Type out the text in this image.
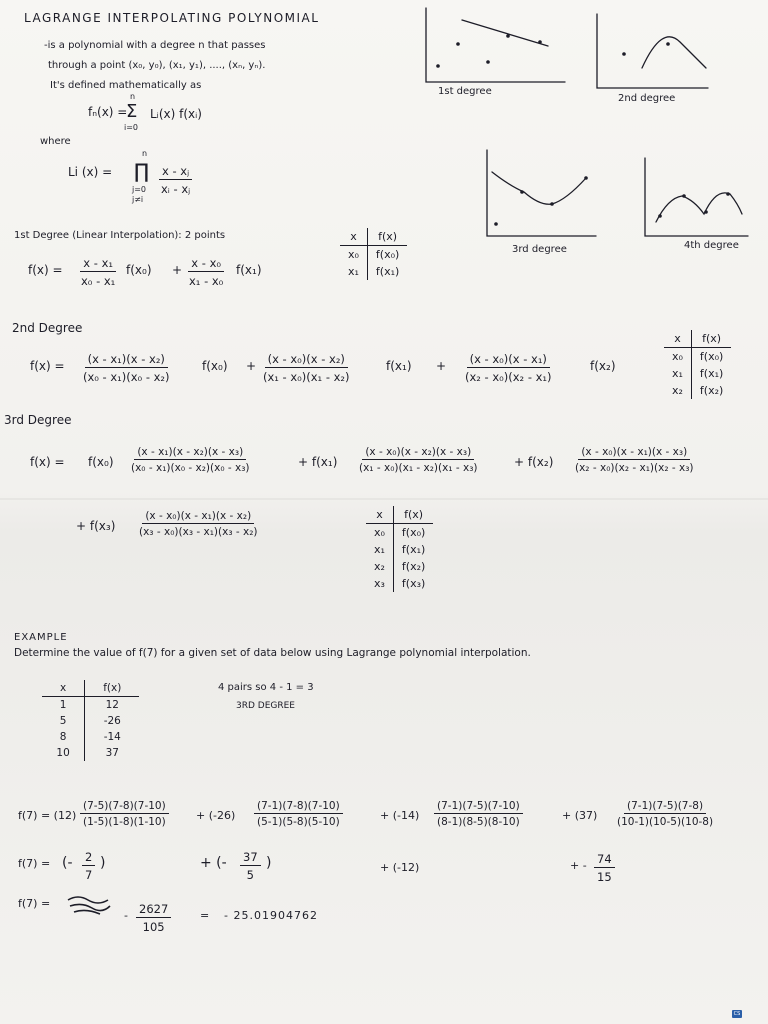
LAGRANGE INTERPOLATING POLYNOMIAL
-is a polynomial with a degree n that passes
through a point (x₀, y₀), (x₁, y₁), ...., (xₙ, yₙ).
It's defined mathematically as
fₙ(x) =
n
Σ
i=0
Lᵢ(x) f(xᵢ)
where
Li (x) =
n
∏
j=0
j≠i
$\frac{\text{x - xⱼ}}{\text{xᵢ - xⱼ}}$
1st degree
2nd degree
3rd degree	4th degree
1st Degree (Linear Interpolation): 2 points
$f(x) = \frac{\text{x - x₁}}{\text{x₀ - x₁}} f(x_0) + \frac{\text{x - x₀}}{\text{x₁ - x₀}} f(x_1)$
x	f(x)
x₀	f(x₀)
x₁	f(x₁)
2nd Degree
$f(x) = \frac{\text{(x - x₁)(x - x₂)}}{\text{(x₀ - x₁)(x₀ - x₂)}} f(x_0) + \frac{\text{(x - x₀)(x - x₂)}}{\text{(x₁ - x₀)(x₁ - x₂)}}$	$f(x_1) + \frac{\text{(x - x₀)(x - x₁)}}{\text{(x₂ - x₀)(x₂ - x₁)}}$	f(x₂)
x	f(x)
x₀	f(x₀)
x₁	f(x₁)
x₂	f(x₂)
3rd Degree
$f(x) = f(x_0) \frac{\text{(x - x₁)(x - x₂)(x - x₃)}}{\text{(x₀ - x₁)(x₀ - x₂)(x₀ - x₃)}}$	+ $f(x_1) \frac{\text{(x - x₀)(x - x₂)(x - x₃)}}{\text{(x₁ - x₀)(x₁ - x₂)(x₁ - x₃)}}$	+ $f(x_2) \frac{\text{(x - x₀)(x - x₁)(x - x₃)}}{\text{(x₂ - x₀)(x₂ - x₁)(x₂ - x₃)}}$
+ $f(x_3) \frac{\text{(x - x₀)(x - x₁)(x - x₂)}}{\text{(x₃ - x₀)(x₃ - x₁)(x₃ - x₂)}}$	x	f(x)
x₀	f(x₀)
x₁	f(x₁)
x₂	f(x₂)
x₃	f(x₃)
EXAMPLE
Determine the value of f(7) for a given set of data below using Lagrange polynomial interpolation.
x	f(x)
1	12
5	-26
8	-14
10	37
4 pairs so 4 - 1 = 3
3RD DEGREE
$f(7) = (12) \frac{(7-5)(7-8)(7-10)}{(1-5)(1-8)(1-10)} + (-26) \frac{(7-1)(7-8)(7-10)}{(5-1)(5-8)(5-10)}$	+ $(-14) \frac{(7-1)(7-5)(7-10)}{(8-1)(8-5)(8-10)}$	+ $(37) \frac{(7-1)(7-5)(7-8)}{(10-1)(10-5)(10-8)}$
f(7) = (- $\frac{2}{7}$ )	+ (- $\frac{37}{5}$ )	+ (-12)	+ - $\frac{74}{15}$
f(7) =
- $\frac{2627}{105}$	= - 25.01904762
CS
